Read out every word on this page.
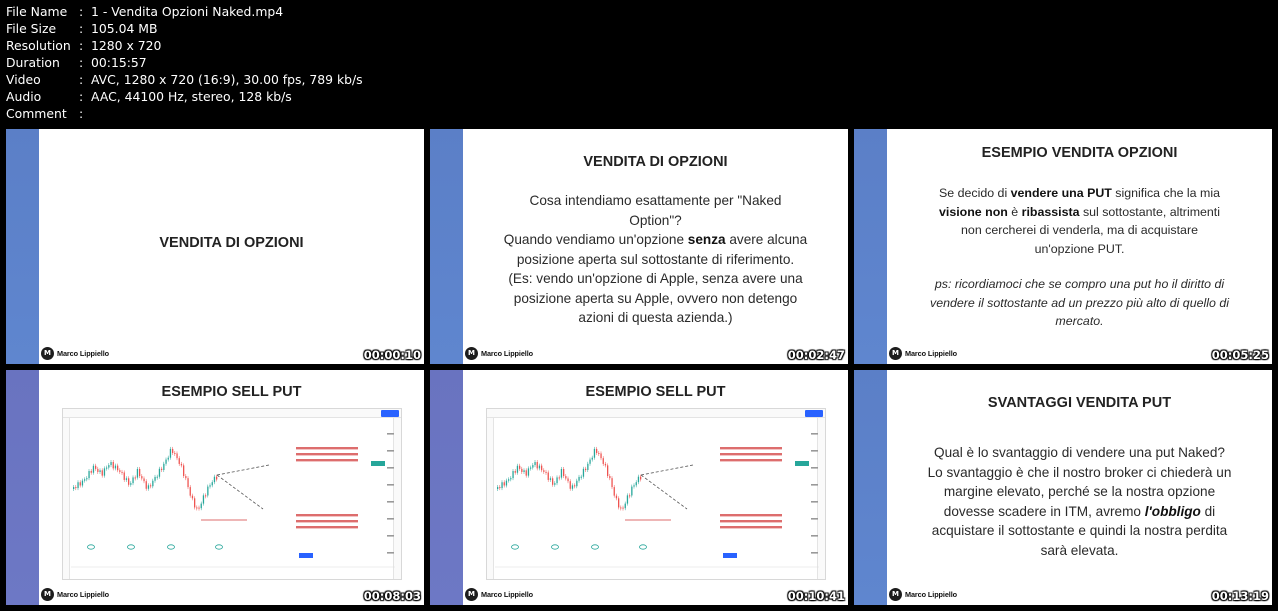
File Name : 1 - Vendita Opzioni Naked.mp4
File Size	: 105.04 MB
Resolution : 1280 x 720
Duration	: 00:15:57
Video	: AVC, 1280 x 720 (16:9), 30.00 fps, 789 kb/s
Audio	: AAC, 44100 Hz, stereo, 128 kb/s
Comment :
VENDITA DI OPZIONI
M Marco Lippiello	00:00:10
VENDITA DI OPZIONI
Cosa intendiamo esattamente per "Naked
Option"?
Quando vendiamo un'opzione senza avere alcuna
posizione aperta sul sottostante di riferimento.
(Es: vendo un'opzione di Apple, senza avere una
posizione aperta su Apple, ovvero non detengo
azioni di questa azienda.)
M Marco Lippiello	00:02:47
ESEMPIO VENDITA OPZIONI
Se decido di vendere una PUT significa che la mia
visione non è ribassista sul sottostante, altrimenti
non cercherei di venderla, ma di acquistare
un'opzione PUT.
ps: ricordiamoci che se compro una put ho il diritto di
vendere il sottostante ad un prezzo più alto di quello di
mercato.
M Marco Lippiello	00:05:25
ESEMPIO SELL PUT
M Marco Lippiello	00:08:03
ESEMPIO SELL PUT
M Marco Lippiello	00:10:41
SVANTAGGI VENDITA PUT
Qual è lo svantaggio di vendere una put Naked?
Lo svantaggio è che il nostro broker ci chiederà un
margine elevato, perché se la nostra opzione
dovesse scadere in ITM, avremo l'obbligo di
acquistare il sottostante e quindi la nostra perdita
sarà elevata.
M Marco Lippiello	00:13:19
